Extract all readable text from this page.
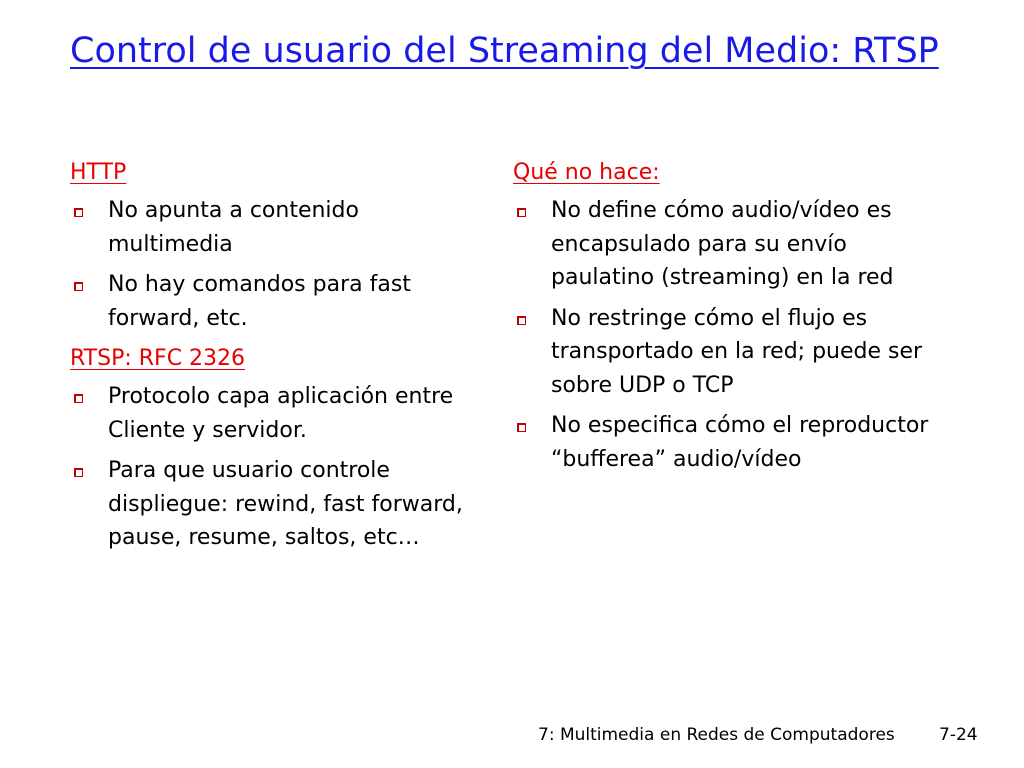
Control de usuario del Streaming del Medio: RTSP
HTTP
No apunta a contenido multimedia
No hay comandos para fast forward, etc.
RTSP: RFC 2326
Protocolo capa aplicación entre Cliente y servidor.
Para que usuario controle displiegue: rewind, fast forward, pause, resume, saltos, etc…
Qué no hace:
No define cómo audio/vídeo es encapsulado para su envío paulatino (streaming) en la red
No restringe cómo el flujo es transportado en la red; puede ser sobre UDP o TCP
No especifica cómo el reproductor “bufferea” audio/vídeo
7: Multimedia en Redes de Computadores	7-24
